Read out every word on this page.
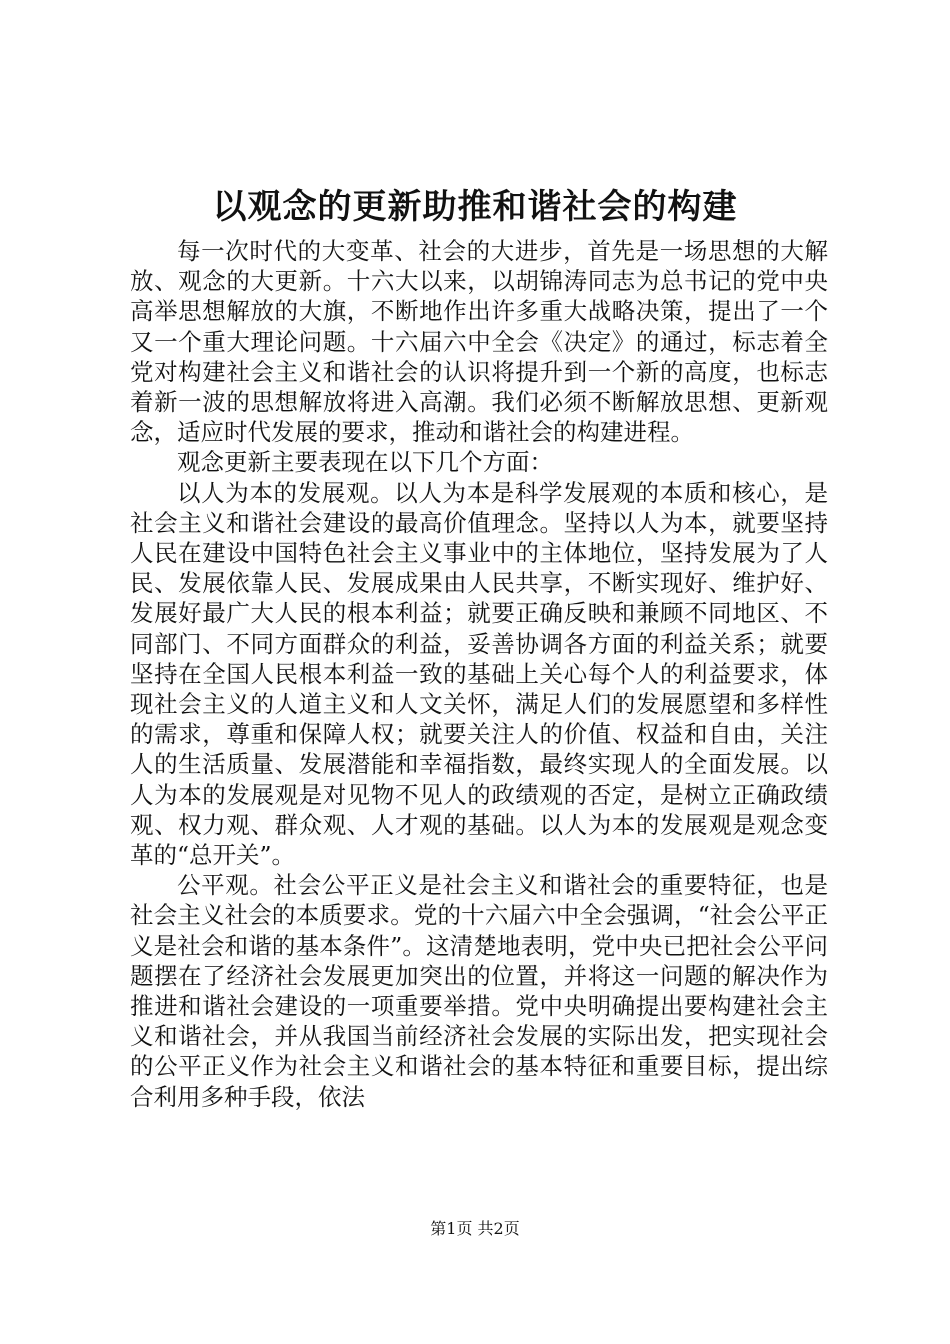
以观念的更新助推和谐社会的构建

每一次时代的大变革、社会的大进步，首先是一场思想的大解放、观念的大更新。十六大以来，以胡锦涛同志为总书记的党中央高举思想解放的大旗，不断地作出许多重大战略决策，提出了一个又一个重大理论问题。十六届六中全会《决定》的通过，标志着全党对构建社会主义和谐社会的认识将提升到一个新的高度，也标志着新一波的思想解放将进入高潮。我们必须不断解放思想、更新观念，适应时代发展的要求，推动和谐社会的构建进程。

观念更新主要表现在以下几个方面：

以人为本的发展观。以人为本是科学发展观的本质和核心，是社会主义和谐社会建设的最高价值理念。坚持以人为本，就要坚持人民在建设中国特色社会主义事业中的主体地位，坚持发展为了人民、发展依靠人民、发展成果由人民共享，不断实现好、维护好、发展好最广大人民的根本利益；就要正确反映和兼顾不同地区、不同部门、不同方面群众的利益，妥善协调各方面的利益关系；就要坚持在全国人民根本利益一致的基础上关心每个人的利益要求，体现社会主义的人道主义和人文关怀，满足人们的发展愿望和多样性的需求，尊重和保障人权；就要关注人的价值、权益和自由，关注人的生活质量、发展潜能和幸福指数，最终实现人的全面发展。以人为本的发展观是对见物不见人的政绩观的否定，是树立正确政绩观、权力观、群众观、人才观的基础。以人为本的发展观是观念变革的“总开关”。

公平观。社会公平正义是社会主义和谐社会的重要特征，也是社会主义社会的本质要求。党的十六届六中全会强调，“社会公平正义是社会和谐的基本条件”。这清楚地表明，党中央已把社会公平问题摆在了经济社会发展更加突出的位置，并将这一问题的解决作为推进和谐社会建设的一项重要举措。党中央明确提出要构建社会主义和谐社会，并从我国当前经济社会发展的实际出发，把实现社会的公平正义作为社会主义和谐社会的基本特征和重要目标，提出综合利用多种手段，依法

第1页 共2页
